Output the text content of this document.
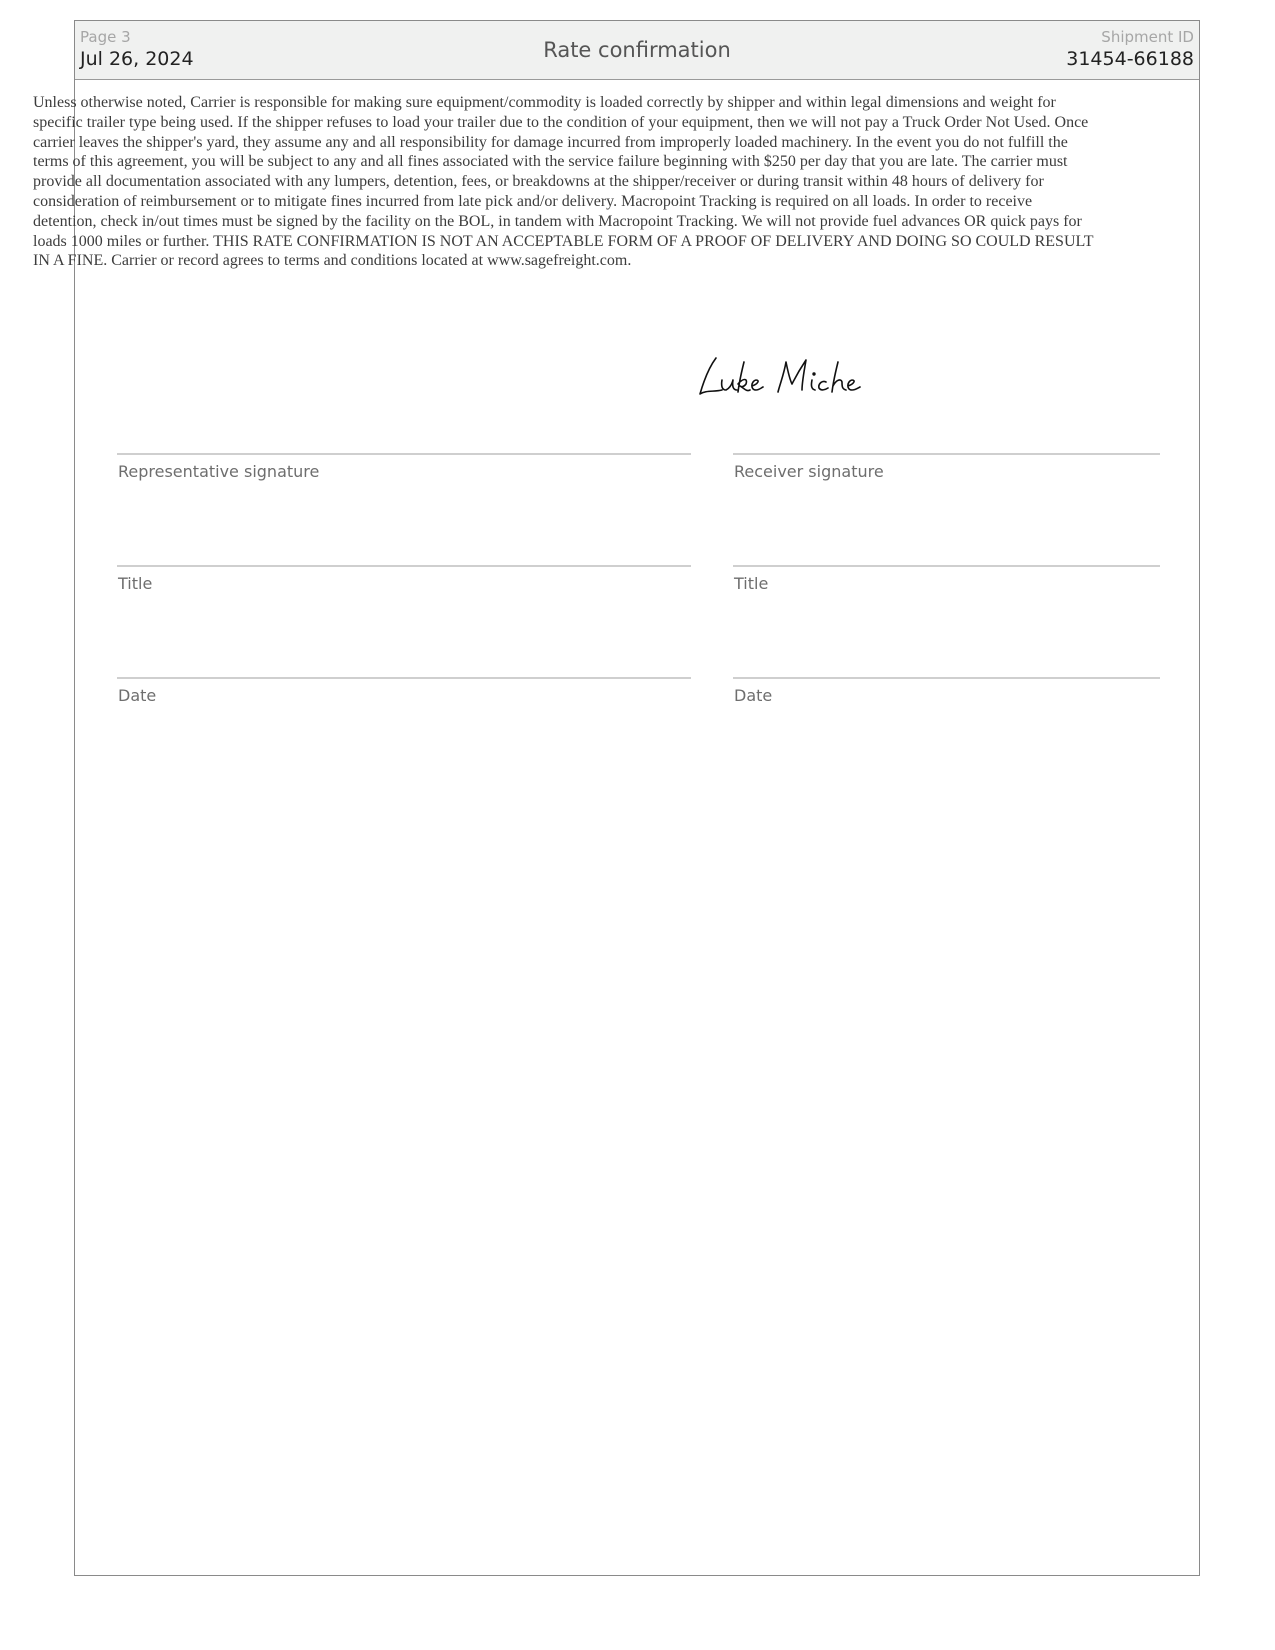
Page 3
Jul 26, 2024	Rate confirmation
Shipment ID
31454-66188

Unless otherwise noted, Carrier is responsible for making sure equipment/commodity is loaded correctly by shipper and within legal dimensions and weight for specific trailer type being used. If the shipper refuses to load your trailer due to the condition of your equipment, then we will not pay a Truck Order Not Used. Once carrier leaves the shipper's yard, they assume any and all responsibility for damage incurred from improperly loaded machinery. In the event you do not fulfill the terms of this agreement, you will be subject to any and all fines associated with the service failure beginning with $250 per day that you are late. The carrier must provide all documentation associated with any lumpers, detention, fees, or breakdowns at the shipper/receiver or during transit within 48 hours of delivery for consideration of reimbursement or to mitigate fines incurred from late pick and/or delivery. Macropoint Tracking is required on all loads. In order to receive detention, check in/out times must be signed by the facility on the BOL, in tandem with Macropoint Tracking. We will not provide fuel advances OR quick pays for loads 1000 miles or further. THIS RATE CONFIRMATION IS NOT AN ACCEPTABLE FORM OF A PROOF OF DELIVERY AND DOING SO COULD RESULT IN A FINE. Carrier or record agrees to terms and conditions located at www.sagefreight.com.

Representative signature	Receiver signature
Title	Title
Date	Date
